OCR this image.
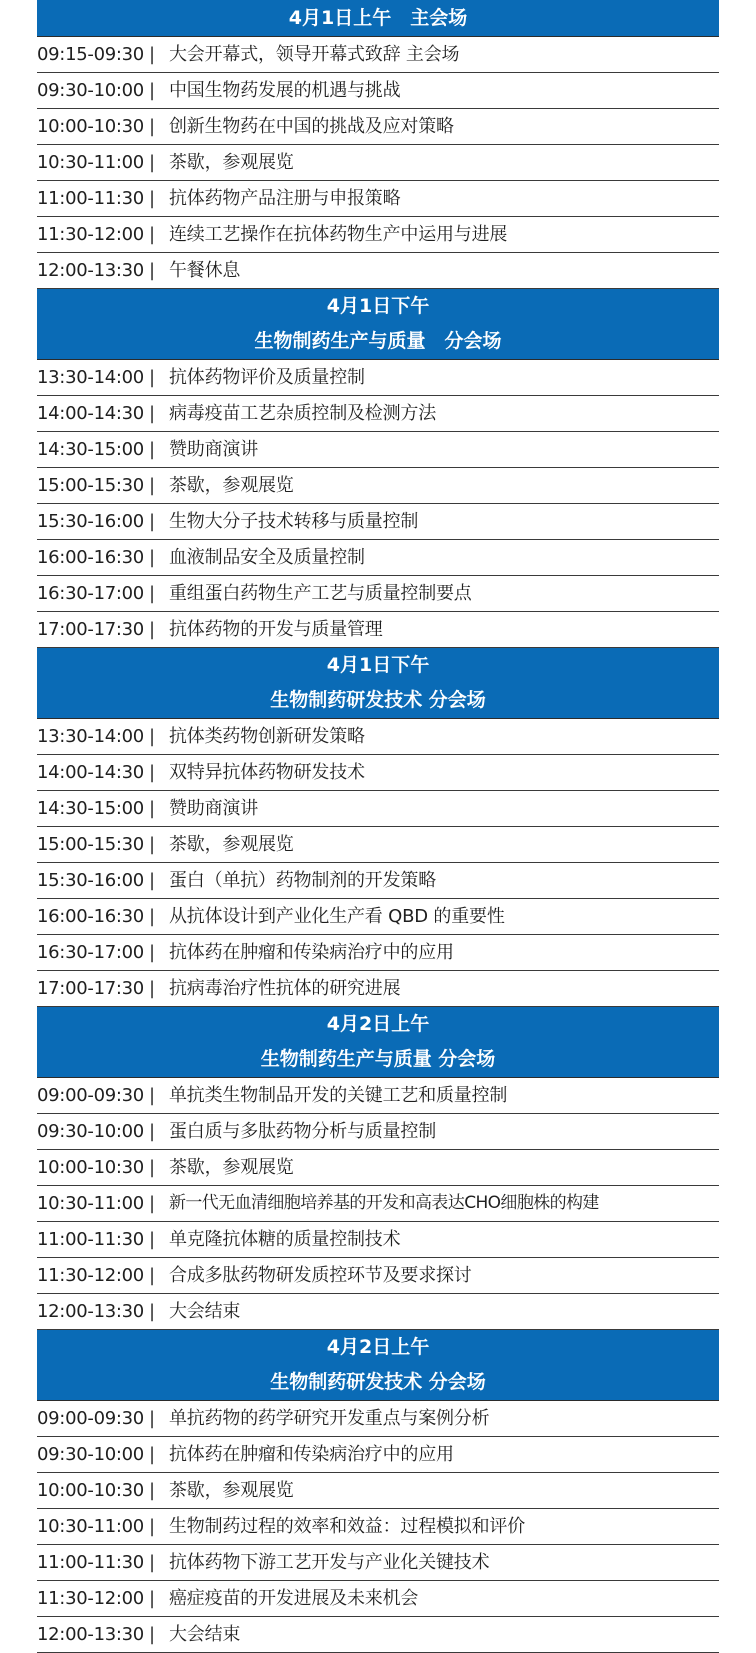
4月1日上午　主会场
09:15-09:30 | 大会开幕式，领导开幕式致辞 主会场
09:30-10:00 | 中国生物药发展的机遇与挑战
10:00-10:30 | 创新生物药在中国的挑战及应对策略
10:30-11:00 | 茶歇，参观展览
11:00-11:30 | 抗体药物产品注册与申报策略
11:30-12:00 | 连续工艺操作在抗体药物生产中运用与进展
12:00-13:30 | 午餐休息
4月1日下午
生物制药生产与质量　分会场
13:30-14:00 | 抗体药物评价及质量控制
14:00-14:30 | 病毒疫苗工艺杂质控制及检测方法
14:30-15:00 | 赞助商演讲
15:00-15:30 | 茶歇，参观展览
15:30-16:00 | 生物大分子技术转移与质量控制
16:00-16:30 | 血液制品安全及质量控制
16:30-17:00 | 重组蛋白药物生产工艺与质量控制要点
17:00-17:30 | 抗体药物的开发与质量管理
4月1日下午
生物制药研发技术 分会场
13:30-14:00 | 抗体类药物创新研发策略
14:00-14:30 | 双特异抗体药物研发技术
14:30-15:00 | 赞助商演讲
15:00-15:30 | 茶歇，参观展览
15:30-16:00 | 蛋白（单抗）药物制剂的开发策略
16:00-16:30 | 从抗体设计到产业化生产看 QBD 的重要性
16:30-17:00 | 抗体药在肿瘤和传染病治疗中的应用
17:00-17:30 | 抗病毒治疗性抗体的研究进展
4月2日上午
生物制药生产与质量 分会场
09:00-09:30 | 单抗类生物制品开发的关键工艺和质量控制
09:30-10:00 | 蛋白质与多肽药物分析与质量控制
10:00-10:30 | 茶歇，参观展览
10:30-11:00 | 新一代无血清细胞培养基的开发和高表达CHO细胞株的构建
11:00-11:30 | 单克隆抗体糖的质量控制技术
11:30-12:00 | 合成多肽药物研发质控环节及要求探讨
12:00-13:30 | 大会结束
4月2日上午
生物制药研发技术 分会场
09:00-09:30 | 单抗药物的药学研究开发重点与案例分析
09:30-10:00 | 抗体药在肿瘤和传染病治疗中的应用
10:00-10:30 | 茶歇，参观展览
10:30-11:00 | 生物制药过程的效率和效益：过程模拟和评价
11:00-11:30 | 抗体药物下游工艺开发与产业化关键技术
11:30-12:00 | 癌症疫苗的开发进展及未来机会
12:00-13:30 | 大会结束
